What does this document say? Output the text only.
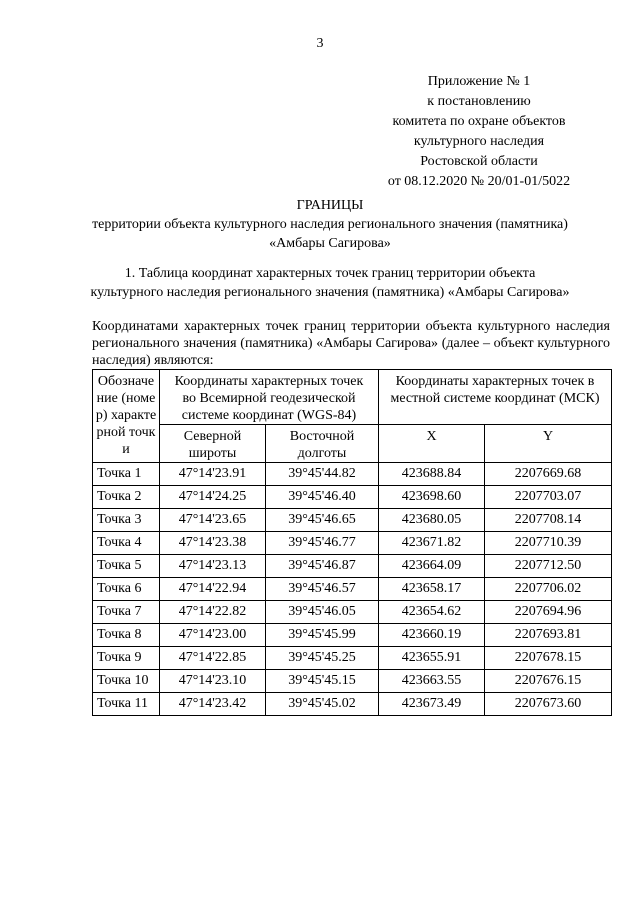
3
Приложение № 1
к постановлению
комитета по охране объектов
культурного наследия
Ростовской области
от 08.12.2020 № 20/01-01/5022
ГРАНИЦЫ
территории объекта культурного наследия регионального значения (памятника)
«Амбары Сагирова»
1. Таблица координат характерных точек границ территории объекта
культурного наследия регионального значения (памятника) «Амбары Сагирова»
Координатами характерных точек границ территории объекта культурного наследия регионального значения (памятника) «Амбары Сагирова» (далее – объект культурного наследия) являются:
Обозначение (номер) характерной точки	Координаты характерных точек во Всемирной геодезической системе координат (WGS-84)		Координаты характерных точек в местной системе координат (МСК)	
	Северной широты	Восточной долготы	X	Y
Точка 1	47°14'23.91	39°45'44.82	423688.84	2207669.68
Точка 2	47°14'24.25	39°45'46.40	423698.60	2207703.07
Точка 3	47°14'23.65	39°45'46.65	423680.05	2207708.14
Точка 4	47°14'23.38	39°45'46.77	423671.82	2207710.39
Точка 5	47°14'23.13	39°45'46.87	423664.09	2207712.50
Точка 6	47°14'22.94	39°45'46.57	423658.17	2207706.02
Точка 7	47°14'22.82	39°45'46.05	423654.62	2207694.96
Точка 8	47°14'23.00	39°45'45.99	423660.19	2207693.81
Точка 9	47°14'22.85	39°45'45.25	423655.91	2207678.15
Точка 10	47°14'23.10	39°45'45.15	423663.55	2207676.15
Точка 11	47°14'23.42	39°45'45.02	423673.49	2207673.60
